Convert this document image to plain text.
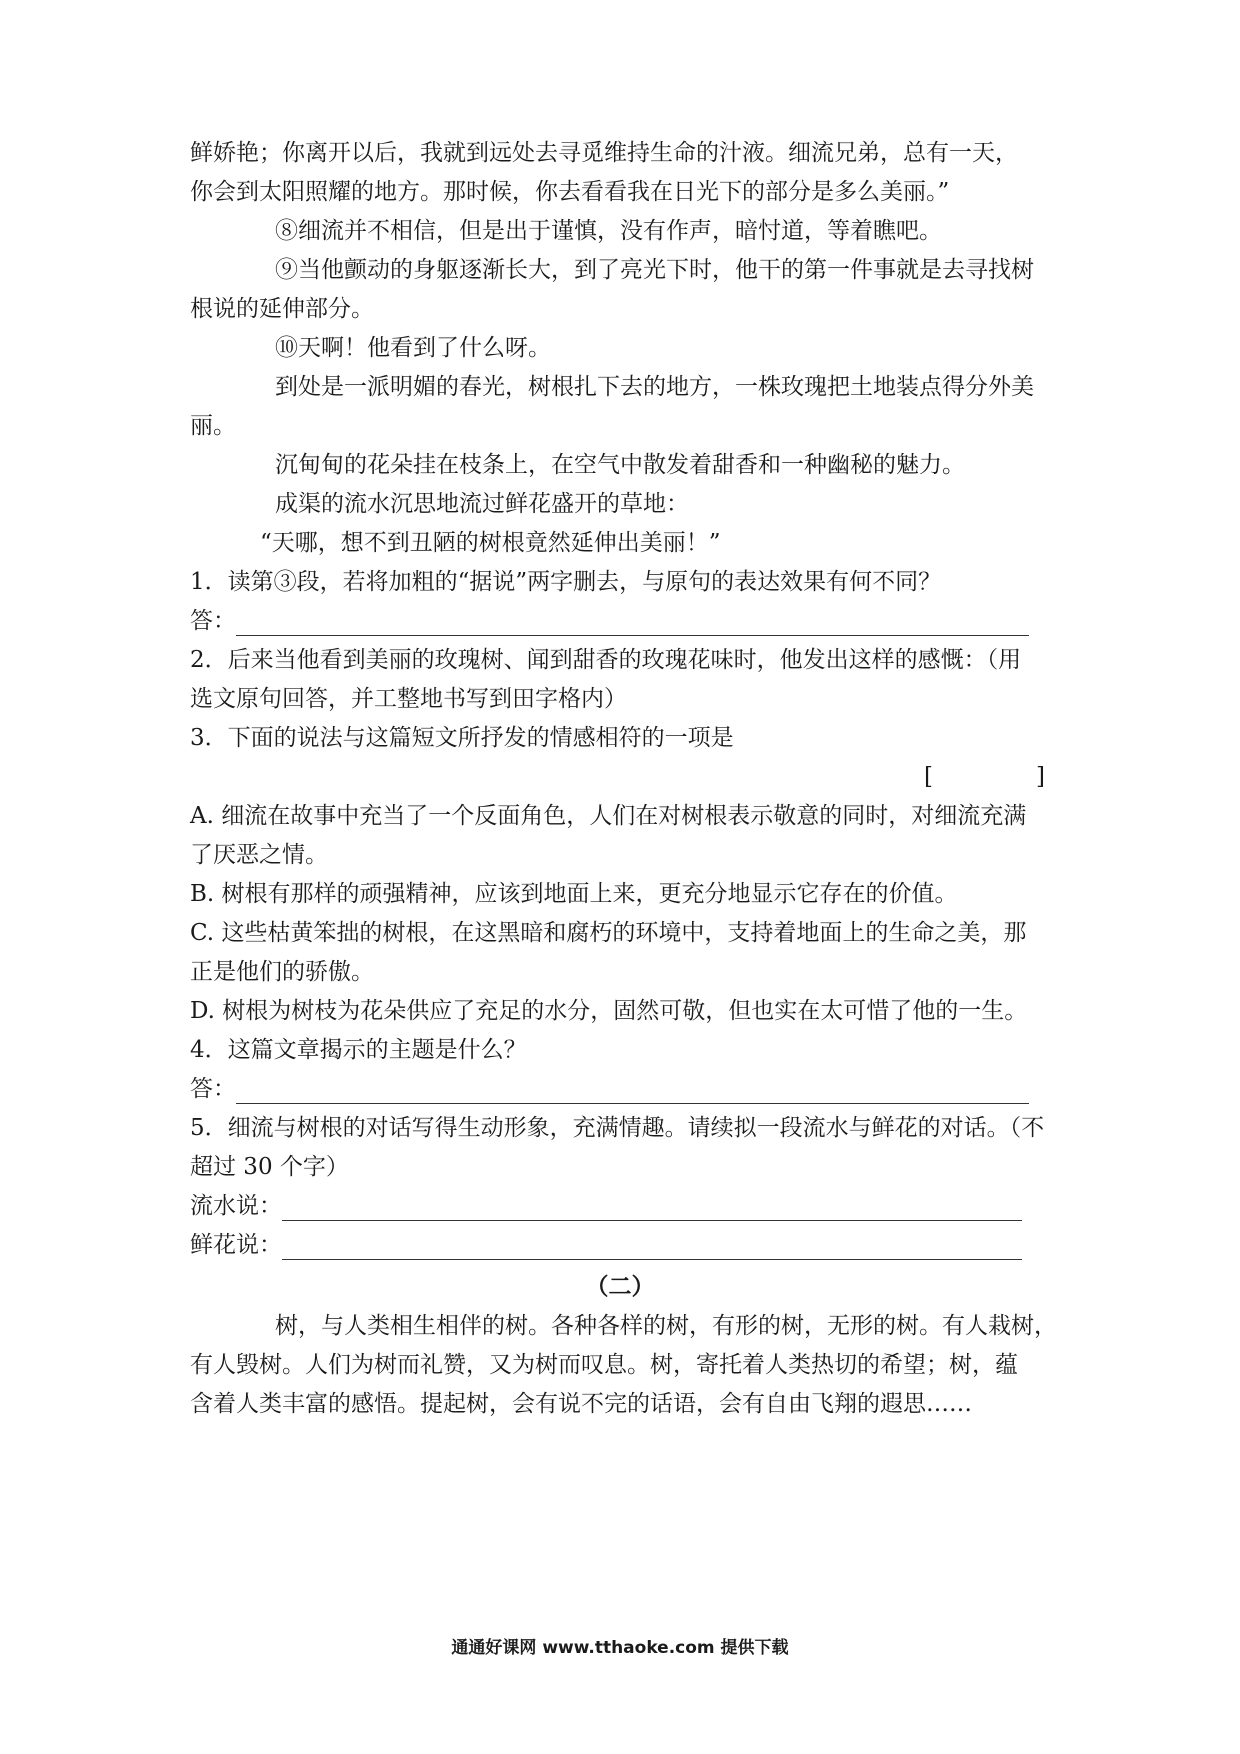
鲜娇艳；你离开以后，我就到远处去寻觅维持生命的汁液。细流兄弟，总有一天，
你会到太阳照耀的地方。那时候，你去看看我在日光下的部分是多么美丽。”
⑧细流并不相信，但是出于谨慎，没有作声，暗忖道，等着瞧吧。
⑨当他颤动的身躯逐渐长大，到了亮光下时，他干的第一件事就是去寻找树
根说的延伸部分。
⑩天啊！他看到了什么呀。
到处是一派明媚的春光，树根扎下去的地方，一株玫瑰把土地装点得分外美
丽。
沉甸甸的花朵挂在枝条上，在空气中散发着甜香和一种幽秘的魅力。
成渠的流水沉思地流过鲜花盛开的草地：
“天哪，想不到丑陋的树根竟然延伸出美丽！”
1．读第③段，若将加粗的“据说”两字删去，与原句的表达效果有何不同？
答：
2．后来当他看到美丽的玫瑰树、闻到甜香的玫瑰花味时，他发出这样的感慨：（用
选文原句回答，并工整地书写到田字格内）
3．下面的说法与这篇短文所抒发的情感相符的一项是
[	]
A. 细流在故事中充当了一个反面角色，人们在对树根表示敬意的同时，对细流充满
了厌恶之情。
B. 树根有那样的顽强精神，应该到地面上来，更充分地显示它存在的价值。
C. 这些枯黄笨拙的树根，在这黑暗和腐朽的环境中，支持着地面上的生命之美，那
正是他们的骄傲。
D. 树根为树枝为花朵供应了充足的水分，固然可敬，但也实在太可惜了他的一生。
4．这篇文章揭示的主题是什么？
答：
5．细流与树根的对话写得生动形象，充满情趣。请续拟一段流水与鲜花的对话。（不
超过 30 个字）
流水说：
鲜花说：
（二）
树，与人类相生相伴的树。各种各样的树，有形的树，无形的树。有人栽树，
有人毁树。人们为树而礼赞，又为树而叹息。树，寄托着人类热切的希望；树，蕴
含着人类丰富的感悟。提起树，会有说不完的话语，会有自由飞翔的遐思……
通通好课网 www.tthaoke.com 提供下载
